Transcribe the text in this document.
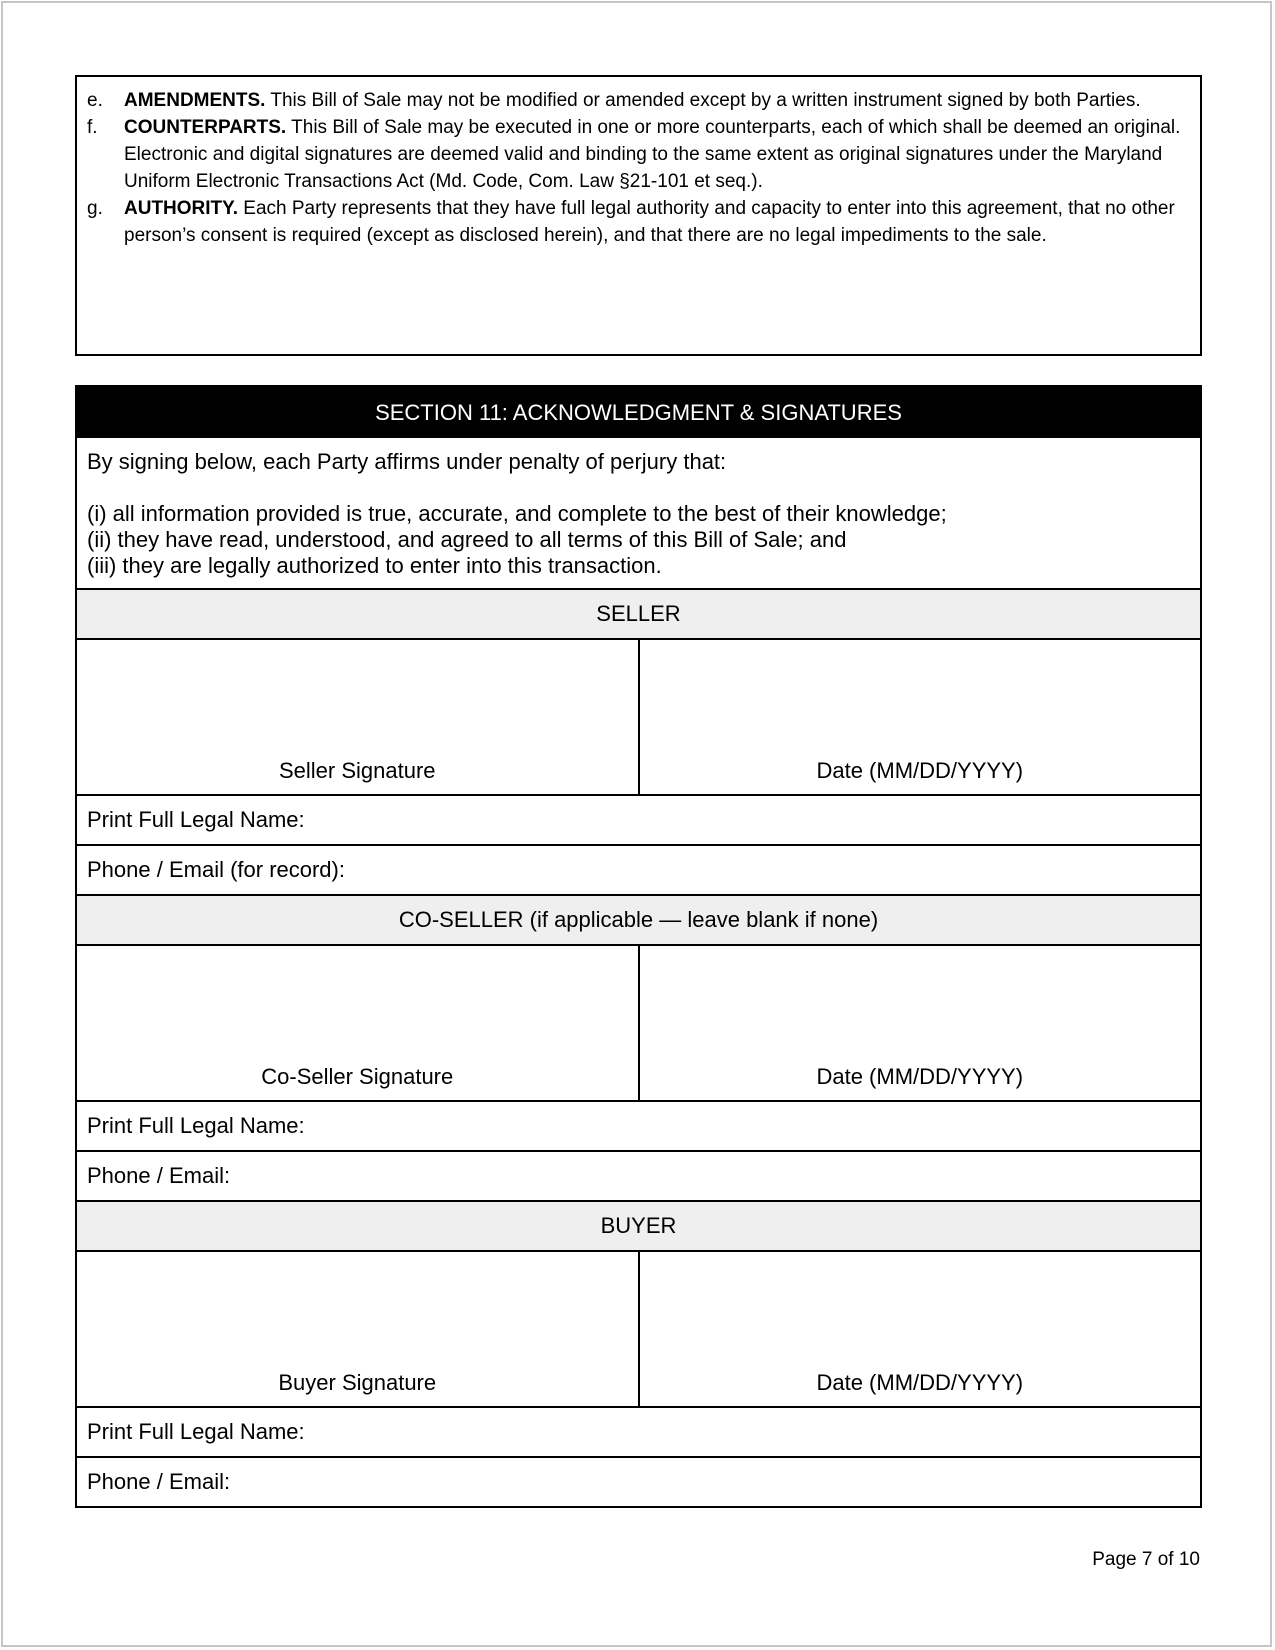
e.	AMENDMENTS. This Bill of Sale may not be modified or amended except by a written instrument signed by both Parties.
f.	COUNTERPARTS. This Bill of Sale may be executed in one or more counterparts, each of which shall be deemed an original. Electronic and digital signatures are deemed valid and binding to the same extent as original signatures under the Maryland Uniform Electronic Transactions Act (Md. Code, Com. Law §21-101 et seq.).
g.	AUTHORITY. Each Party represents that they have full legal authority and capacity to enter into this agreement, that no other person’s consent is required (except as disclosed herein), and that there are no legal impediments to the sale.
SECTION 11: ACKNOWLEDGMENT & SIGNATURES
By signing below, each Party affirms under penalty of perjury that:
(i) all information provided is true, accurate, and complete to the best of their knowledge;
(ii) they have read, understood, and agreed to all terms of this Bill of Sale; and
(iii) they are legally authorized to enter into this transaction.
SELLER
Seller Signature	Date (MM/DD/YYYY)
Print Full Legal Name:
Phone / Email (for record):
CO-SELLER (if applicable — leave blank if none)
Co-Seller Signature	Date (MM/DD/YYYY)
Print Full Legal Name:
Phone / Email:
BUYER
Buyer Signature	Date (MM/DD/YYYY)
Print Full Legal Name:
Phone / Email:
Page 7 of 10
